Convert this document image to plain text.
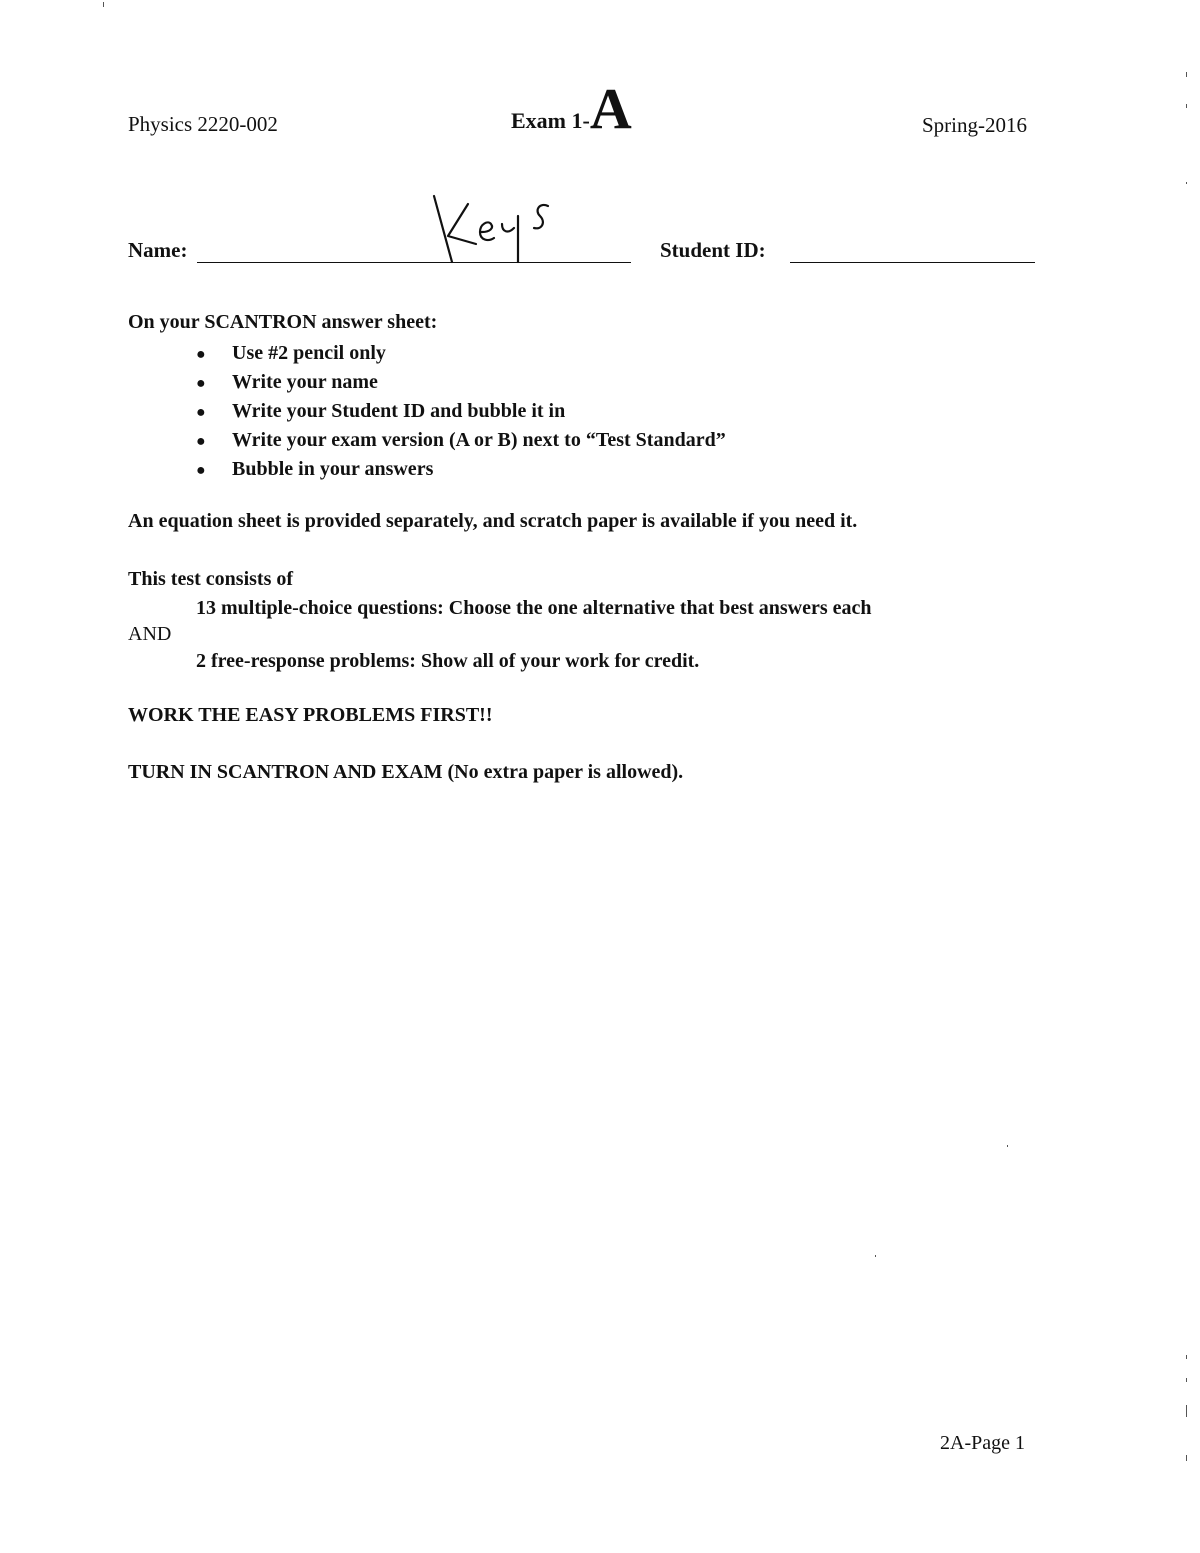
Physics 2220-002	Exam 1-A	Spring-2016
Name:	Student ID:
On your SCANTRON answer sheet:
● Use #2 pencil only
● Write your name
● Write your Student ID and bubble it in
● Write your exam version (A or B) next to “Test Standard”
● Bubble in your answers
An equation sheet is provided separately, and scratch paper is available if you need it.
This test consists of
13 multiple-choice questions: Choose the one alternative that best answers each
AND
2 free-response problems: Show all of your work for credit.
WORK THE EASY PROBLEMS FIRST!!
TURN IN SCANTRON AND EXAM (No extra paper is allowed).
2A-Page 1
